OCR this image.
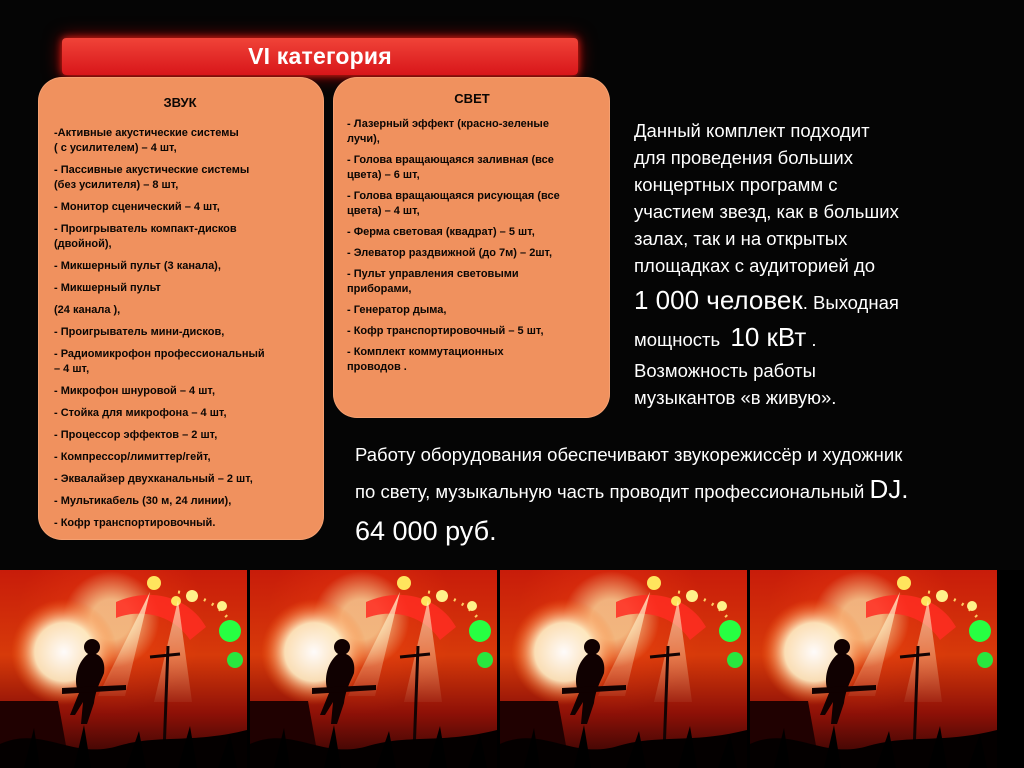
VI категория
ЗВУК
-Активные акустические системы
( с усилителем) – 4 шт,
- Пассивные акустические системы
(без усилителя) – 8 шт,
- Монитор сценический – 4 шт,
- Проигрыватель компакт-дисков
(двойной),
- Микшерный пульт (3 канала),
- Микшерный пульт
(24 канала ),
- Проигрыватель мини-дисков,
- Радиомикрофон профессиональный
– 4 шт,
- Микрофон шнуровой – 4 шт,
- Стойка для микрофона – 4 шт,
- Процессор эффектов – 2 шт,
- Компрессор/лимиттер/гейт,
- Эквалайзер двухканальный – 2 шт,
- Мультикабель (30 м, 24 линии),
- Кофр транспортировочный.
СВЕТ
- Лазерный эффект (красно-зеленые
лучи),
- Голова вращающаяся заливная (все
цвета) – 6 шт,
- Голова вращающаяся рисующая (все
цвета) – 4 шт,
- Ферма световая (квадрат) – 5 шт,
- Элеватор раздвижной (до 7м) – 2шт,
- Пульт управления световыми
приборами,
- Генератор дыма,
- Кофр транспортировочный – 5 шт,
- Комплект коммутационных
проводов .

Данный комплект подходит
для проведения больших
концертных программ с
участием звезд, как в больших
залах, так и на открытых
площадках с аудиторией до

1 000 человек. Выходная

мощность  10 кВт .

Возможность работы
музыкантов «в живую».

Работу оборудования обеспечивают звукорежиссёр и художник

по свету, музыкальную часть проводит профессиональный DJ.

64 000 руб.
